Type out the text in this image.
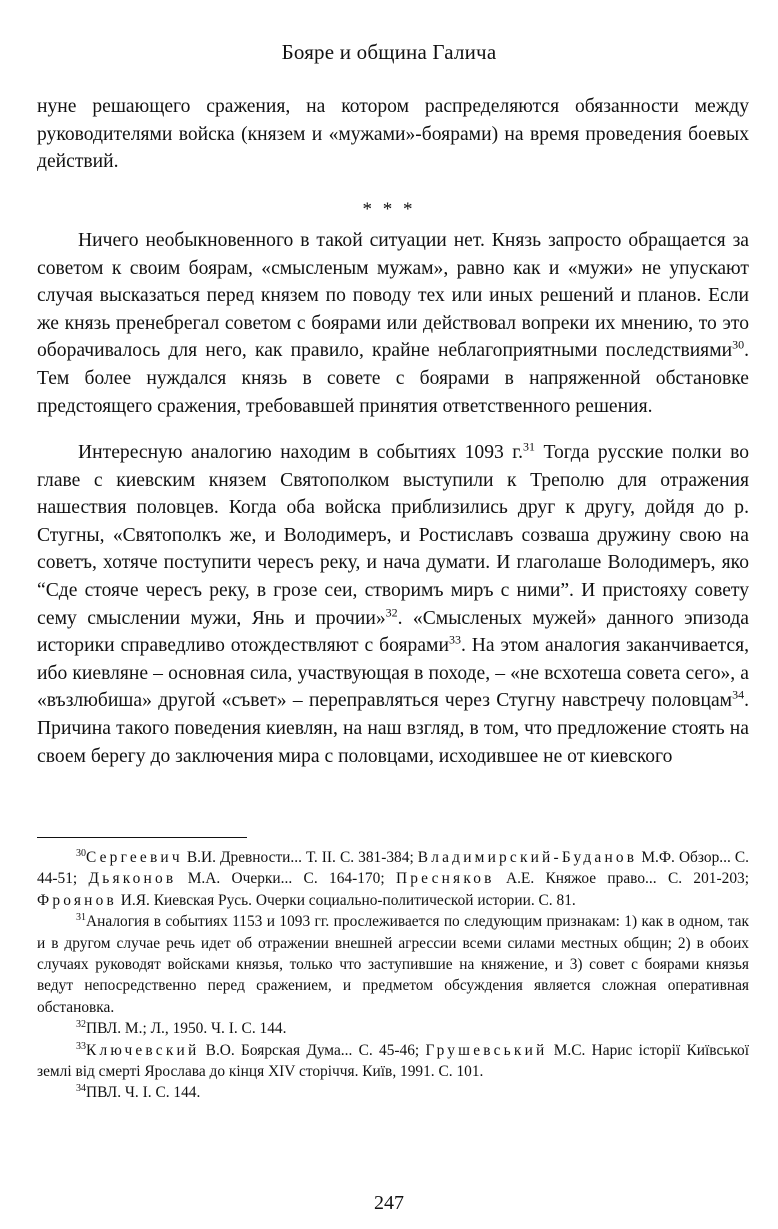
Бояре и община Галича

нуне решающего сражения, на котором распределяются обязанности между руководителями войска (князем и «мужами»-боярами) на время проведения боевых действий.

* * *

Ничего необыкновенного в такой ситуации нет. Князь запросто обращается за советом к своим боярам, «смысленым мужам», равно как и «мужи» не упускают случая высказаться перед князем по поводу тех или иных решений и планов. Если же князь пренебрегал советом с боярами или действовал вопреки их мнению, то это оборачивалось для него, как правило, крайне неблагоприятными последствиями$^{30}$. Тем более нуждался князь в совете с боярами в напряженной обстановке предстоящего сражения, требовавшей принятия ответственного решения.

Интересную аналогию находим в событиях 1093 г.$^{31}$ Тогда русские полки во главе с киевским князем Святополком выступили к Треполю для отражения нашествия половцев. Когда оба войска приблизились друг к другу, дойдя до р. Стугны, «Святополкъ же, и Володимеръ, и Ростиславъ созваша дружину свою на советъ, хотяче поступити чересъ реку, и нача думати. И глаголаше Володимеръ, яко “Сде стояче чересъ реку, в грозе сеи, створимъ миръ с ними”. И пристояху совету сему смыслении мужи, Янь и прочии»$^{32}$. «Смысленых мужей» данного эпизода историки справедливо отождествляют с боярами$^{33}$. На этом аналогия заканчивается, ибо киевляне – основная сила, участвующая в походе, – «не всхотеша совета сего», а «възлюбиша» другой «съвет» – переправляться через Стугну навстречу половцам$^{34}$. Причина такого поведения киевлян, на наш взгляд, в том, что предложение стоять на своем берегу до заключения мира с половцами, исходившее не от киевского

$^{30}$Сергеевич В.И. Древности... Т. II. С. 381-384; Владимирский-Буданов М.Ф. Обзор... С. 44-51; Дьяконов М.А. Очерки... С. 164-170; Пресняков А.Е. Княжое право... С. 201-203; Фроянов И.Я. Киевская Русь. Очерки социально-политической истории. С. 81.

$^{31}$Аналогия в событиях 1153 и 1093 гг. прослеживается по следующим признакам: 1) как в одном, так и в другом случае речь идет об отражении внешней агрессии всеми силами местных общин; 2) в обоих случаях руководят войсками князья, только что заступившие на княжение, и 3) совет с боярами князья ведут непосредственно перед сражением, и предметом обсуждения является сложная оперативная обстановка.

$^{32}$ПВЛ. М.; Л., 1950. Ч. I. С. 144.

$^{33}$Ключевский В.О. Боярская Дума... С. 45-46; Грушевський М.С. Нарис історії Київської землі від смерті Ярослава до кінця XIV сторіччя. Київ, 1991. С. 101.

$^{34}$ПВЛ. Ч. I. С. 144.

247
